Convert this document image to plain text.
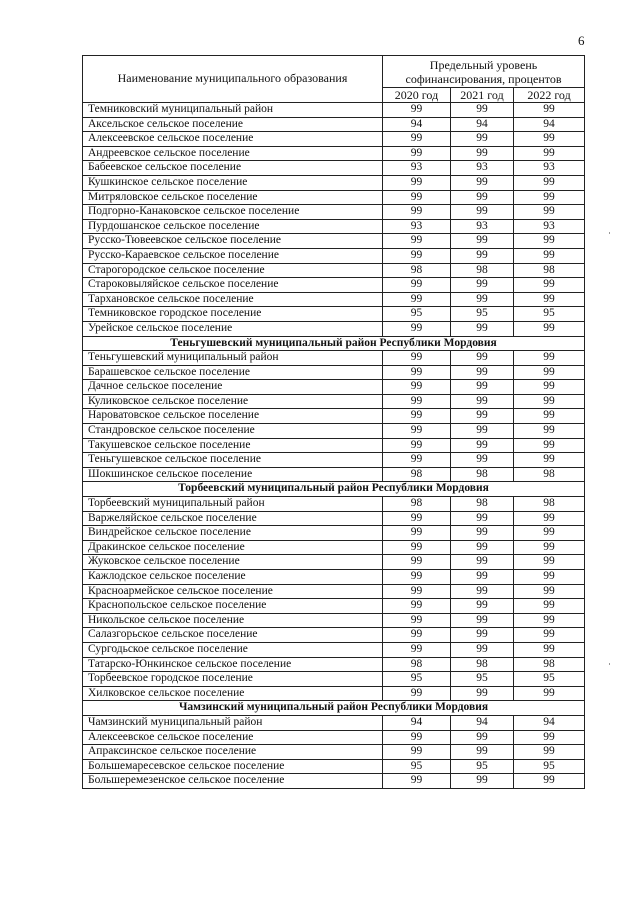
6
Наименование муниципального образования	Предельный уровень софинансирования, процентов		
	2020 год	2021 год	2022 год
Темниковский муниципальный район	99	99	99
Аксельское сельское поселение	94	94	94
Алексеевское сельское поселение	99	99	99
Андреевское сельское поселение	99	99	99
Бабеевское сельское поселение	93	93	93
Кушкинское сельское поселение	99	99	99
Митряловское сельское поселение	99	99	99
Подгорно-Канаковское сельское поселение	99	99	99
Пурдошанское сельское поселение	93	93	93
Русско-Тювеевское сельское поселение	99	99	99
Русско-Караевское сельское поселение	99	99	99
Старогородское сельское поселение	98	98	98
Староковыляйское сельское поселение	99	99	99
Тархановское сельское поселение	99	99	99
Темниковское городское поселение	95	95	95
Урейское сельское поселение	99	99	99
Теньгушевский муниципальный район Республики Мордовия			
Теньгушевский муниципальный район	99	99	99
Барашевское сельское поселение	99	99	99
Дачное сельское поселение	99	99	99
Куликовское сельское поселение	99	99	99
Нароватовское сельское поселение	99	99	99
Стандровское сельское поселение	99	99	99
Такушевское сельское поселение	99	99	99
Теньгушевское сельское поселение	99	99	99
Шокшинское сельское поселение	98	98	98
Торбеевский муниципальный район Республики Мордовия			
Торбеевский муниципальный район	98	98	98
Варжеляйское сельское поселение	99	99	99
Виндрейское сельское поселение	99	99	99
Дракинское сельское поселение	99	99	99
Жуковское сельское поселение	99	99	99
Кажлодское сельское поселение	99	99	99
Красноармейское сельское поселение	99	99	99
Краснопольское сельское поселение	99	99	99
Никольское сельское поселение	99	99	99
Салазгорьское сельское поселение	99	99	99
Сургодьское сельское поселение	99	99	99
Татарско-Юнкинское сельское поселение	98	98	98
Торбеевское городское поселение	95	95	95
Хилковское сельское поселение	99	99	99
Чамзинский муниципальный район Республики Мордовия			
Чамзинский муниципальный район	94	94	94
Алексеевское сельское поселение	99	99	99
Апраксинское сельское поселение	99	99	99
Большемаресевское сельское поселение	95	95	95
Большеремезенское сельское поселение	99	99	99
